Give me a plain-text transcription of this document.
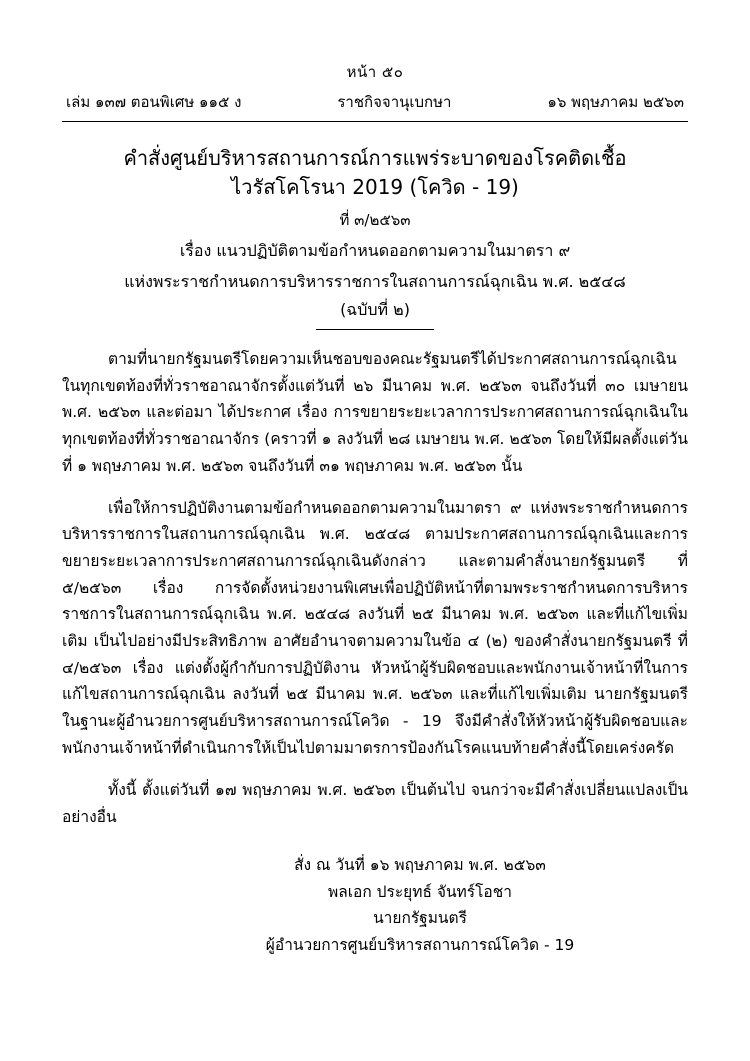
หน้า ๕๐
เล่ม ๑๓๗ ตอนพิเศษ ๑๑๕ ง	ราชกิจจานุเบกษา	๑๖ พฤษภาคม ๒๕๖๓
คำสั่งศูนย์บริหารสถานการณ์การแพร่ระบาดของโรคติดเชื้อ
ไวรัสโคโรนา 2019 (โควิด - 19)
ที่ ๓/๒๕๖๓
เรื่อง แนวปฏิบัติตามข้อกำหนดออกตามความในมาตรา ๙
แห่งพระราชกำหนดการบริหารราชการในสถานการณ์ฉุกเฉิน พ.ศ. ๒๕๔๘
(ฉบับที่ ๒)

ตามที่นายกรัฐมนตรีโดยความเห็นชอบของคณะรัฐมนตรีได้ประกาศสถานการณ์ฉุกเฉินในทุกเขตท้องที่ทั่วราชอาณาจักรตั้งแต่วันที่ ๒๖ มีนาคม พ.ศ. ๒๕๖๓ จนถึงวันที่ ๓๐ เมษายน พ.ศ. ๒๕๖๓ และต่อมา ได้ประกาศ เรื่อง การขยายระยะเวลาการประกาศสถานการณ์ฉุกเฉินในทุกเขตท้องที่ทั่วราชอาณาจักร (คราวที่ ๑ ลงวันที่ ๒๘ เมษายน พ.ศ. ๒๕๖๓ โดยให้มีผลตั้งแต่วันที่ ๑ พฤษภาคม พ.ศ. ๒๕๖๓ จนถึงวันที่ ๓๑ พฤษภาคม พ.ศ. ๒๕๖๓ นั้น

เพื่อให้การปฏิบัติงานตามข้อกำหนดออกตามความในมาตรา ๙ แห่งพระราชกำหนดการบริหารราชการในสถานการณ์ฉุกเฉิน พ.ศ. ๒๕๔๘ ตามประกาศสถานการณ์ฉุกเฉินและการขยายระยะเวลาการประกาศสถานการณ์ฉุกเฉินดังกล่าว และตามคำสั่งนายกรัฐมนตรี ที่ ๕/๒๕๖๓ เรื่อง การจัดตั้งหน่วยงานพิเศษเพื่อปฏิบัติหน้าที่ตามพระราชกำหนดการบริหารราชการในสถานการณ์ฉุกเฉิน พ.ศ. ๒๕๔๘ ลงวันที่ ๒๕ มีนาคม พ.ศ. ๒๕๖๓ และที่แก้ไขเพิ่มเติม เป็นไปอย่างมีประสิทธิภาพ อาศัยอำนาจตามความในข้อ ๔ (๒) ของคำสั่งนายกรัฐมนตรี ที่ ๔/๒๕๖๓ เรื่อง แต่งตั้งผู้กำกับการปฏิบัติงาน หัวหน้าผู้รับผิดชอบและพนักงานเจ้าหน้าที่ในการแก้ไขสถานการณ์ฉุกเฉิน ลงวันที่ ๒๕ มีนาคม พ.ศ. ๒๕๖๓ และที่แก้ไขเพิ่มเติม นายกรัฐมนตรีในฐานะผู้อำนวยการศูนย์บริหารสถานการณ์โควิด - 19 จึงมีคำสั่งให้หัวหน้าผู้รับผิดชอบและพนักงานเจ้าหน้าที่ดำเนินการให้เป็นไปตามมาตรการป้องกันโรคแนบท้ายคำสั่งนี้โดยเคร่งครัด

ทั้งนี้ ตั้งแต่วันที่ ๑๗ พฤษภาคม พ.ศ. ๒๕๖๓ เป็นต้นไป จนกว่าจะมีคำสั่งเปลี่ยนแปลงเป็นอย่างอื่น

สั่ง ณ วันที่ ๑๖ พฤษภาคม พ.ศ. ๒๕๖๓
พลเอก ประยุทธ์ จันทร์โอชา
นายกรัฐมนตรี
ผู้อำนวยการศูนย์บริหารสถานการณ์โควิด - 19
